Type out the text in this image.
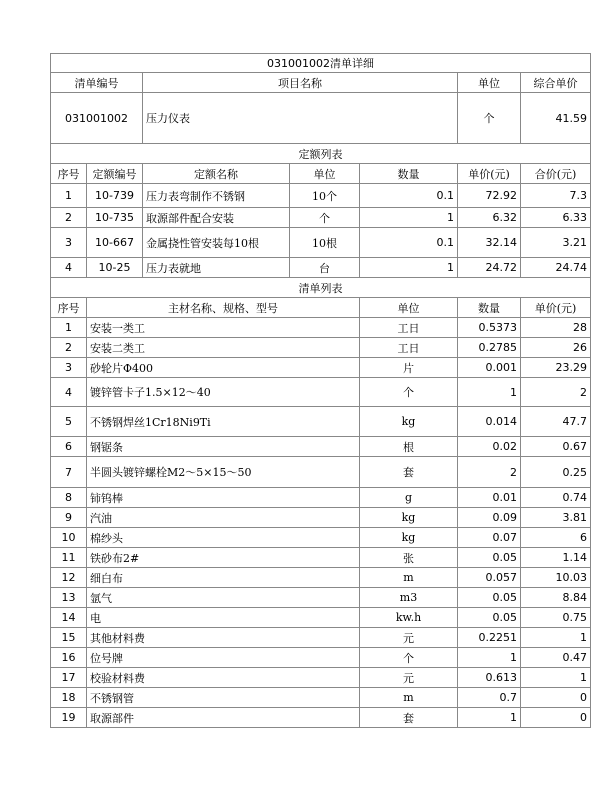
031001002清单详细							
清单编号		项目名称			单位	综合单价	
031001002		压力仪表			个	41.59	
定额列表							
序号	定额编号	定额名称	单位	数量	单价(元)	合价(元)	
1	10-739	压力表弯制作不锈钢	10个	0.1	72.92	7.3	
2	10-735	取源部件配合安装	个	1	6.32	6.33	
3	10-667	金属挠性管安装每10根	10根	0.1	32.14	3.21	
4	10-25	压力表就地	台	1	24.72	24.74	
清单列表							
序号	主材名称、规格、型号			单位	数量	单价(元)	
1	安装一类工			工日	0.5373	28	
2	安装二类工			工日	0.2785	26	
3	砂轮片Φ400			片	0.001	23.29	
4	镀锌管卡子1.5×12～40			个	1	2	
5	不锈钢焊丝1Cr18Ni9Ti			kg	0.014	47.7	
6	钢锯条			根	0.02	0.67	
7	半圆头镀锌螺栓M2～5×15～50			套	2	0.25	
8	铈钨棒			g	0.01	0.74	
9	汽油			kg	0.09	3.81	
10	棉纱头			kg	0.07	6	
11	铁砂布2#			张	0.05	1.14	
12	细白布			m	0.057	10.03	
13	氩气			m3	0.05	8.84	
14	电			kw.h	0.05	0.75	
15	其他材料费			元	0.2251	1	
16	位号牌			个	1	0.47	
17	校验材料费			元	0.613	1	
18	不锈钢管			m	0.7	0	
19	取源部件			套	1	0	
